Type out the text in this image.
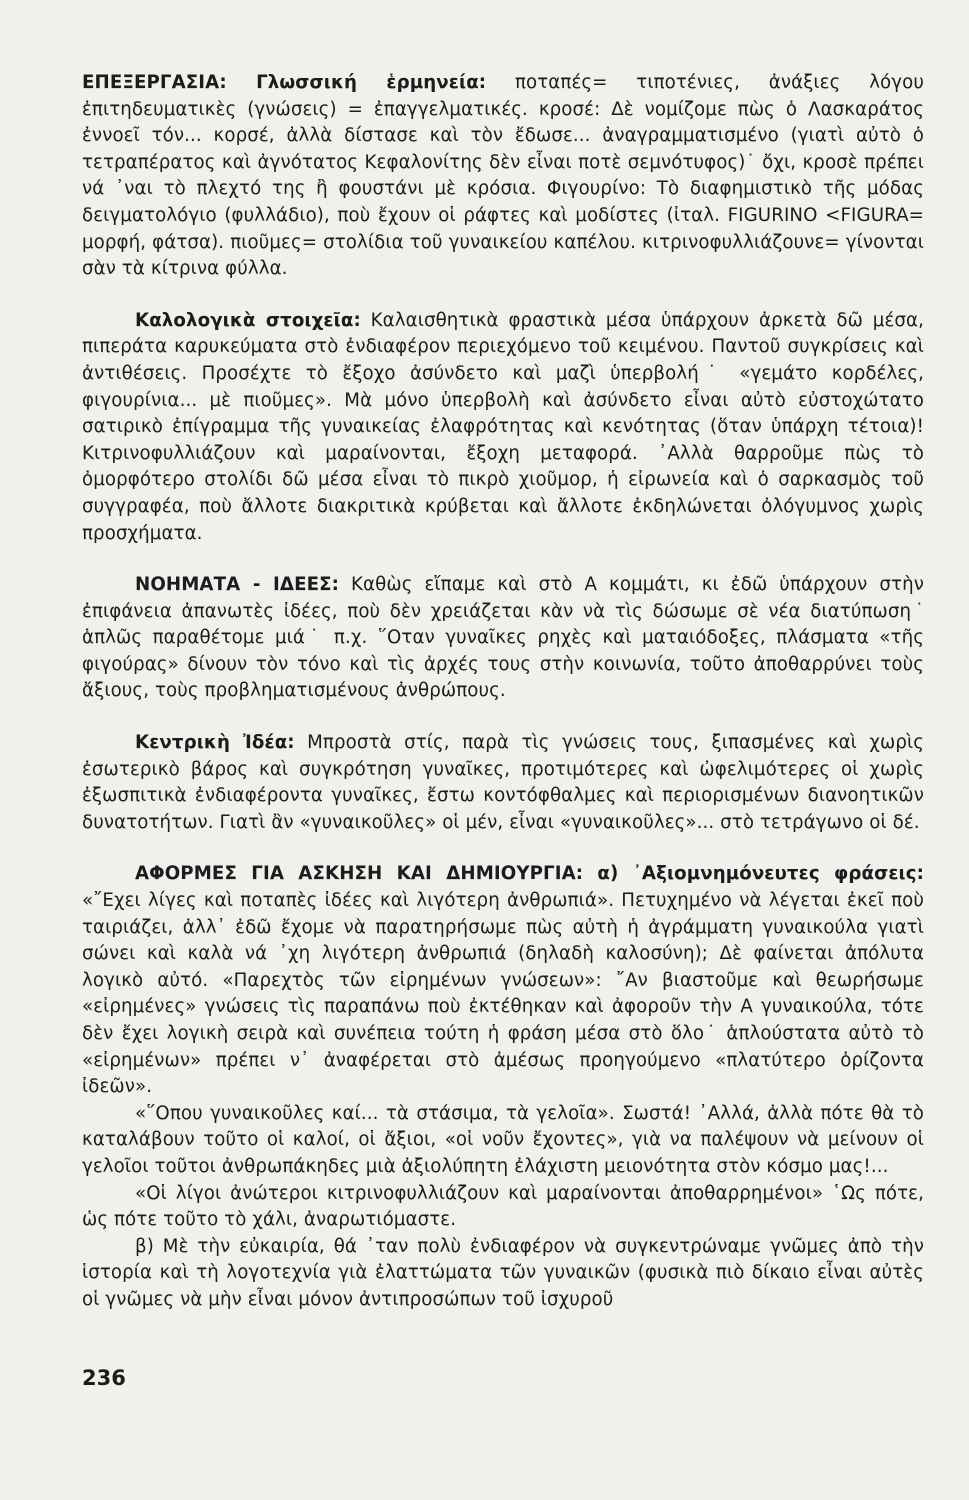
ΕΠΕΞΕΡΓΑΣΙΑ: Γλωσσική ἑρμηνεία: ποταπές= τιποτένιες, ἀνάξιες λόγου ἐπιτηδευματικὲς (γνώσεις) = ἐπαγγελματικές. κροσέ: Δὲ νομίζομε πὼς ὁ Λασκαράτος ἐννοεῖ τόν... κορσέ, ἀλλὰ δίστασε καὶ τὸν ἔδωσε... ἀναγραμματισμένο (γιατὶ αὐτὸ ὁ τετραπέρατος καὶ ἀγνότατος Κεφαλονίτης δὲν εἶναι ποτὲ σεμνότυφος)˙ ὄχι, κροσὲ πρέπει νά ᾿ναι τὸ πλεχτό της ἢ φουστάνι μὲ κρόσια. Φιγουρίνο: Τὸ διαφημιστικὸ τῆς μόδας δειγματολόγιο (φυλλάδιο), ποὺ ἔχουν οἱ ράφτες καὶ μοδίστες (ἰταλ. FIGURINO <FIGURA= μορφή, φάτσα). πιοῦμες= στολίδια τοῦ γυναικείου καπέλου. κιτρινοφυλλιάζουνε= γίνονται σὰν τὰ κίτρινα φύλλα.

Καλολογικὰ στοιχεῖα: Καλαισθητικὰ φραστικὰ μέσα ὑπάρχουν ἀρκετὰ δῶ μέσα, πιπεράτα καρυκεύματα στὸ ἐνδιαφέρον περιεχόμενο τοῦ κειμένου. Παντοῦ συγκρίσεις καὶ ἀντιθέσεις. Προσέχτε τὸ ἔξοχο ἀσύνδετο καὶ μαζὶ ὑπερβολή˙ «γεμάτο κορδέλες, φιγουρίνια... μὲ πιοῦμες». Μὰ μόνο ὑπερβολὴ καὶ ἀσύνδετο εἶναι αὐτὸ εὐστοχώτατο σατιρικὸ ἐπίγραμμα τῆς γυναικείας ἐλαφρότητας καὶ κενότητας (ὅταν ὑπάρχη τέτοια)! Κιτρινοφυλλιάζουν καὶ μαραίνονται, ἔξοχη μεταφορά. ᾿Αλλὰ θαρροῦμε πὼς τὸ ὀμορφότερο στολίδι δῶ μέσα εἶναι τὸ πικρὸ χιοῦμορ, ἡ εἰρωνεία καὶ ὁ σαρκασμὸς τοῦ συγγραφέα, ποὺ ἄλλοτε διακριτικὰ κρύβεται καὶ ἄλλοτε ἐκδηλώνεται ὀλόγυμνος χωρὶς προσχήματα.

ΝΟΗΜΑΤΑ - ΙΔΕΕΣ: Καθὼς εἴπαμε καὶ στὸ Α κομμάτι, κι ἐδῶ ὑπάρχουν στὴν ἐπιφάνεια ἀπανωτὲς ἰδέες, ποὺ δὲν χρειάζεται κὰν νὰ τὶς δώσωμε σὲ νέα διατύπωση˙ ἁπλῶς παραθέτομε μιά˙ π.χ. ῞Οταν γυναῖκες ρηχὲς καὶ ματαιόδοξες, πλάσματα «τῆς φιγούρας» δίνουν τὸν τόνο καὶ τὶς ἀρχές τους στὴν κοινωνία, τοῦτο ἀποθαρρύνει τοὺς ἄξιους, τοὺς προβληματισμένους ἀνθρώπους.

Κεντρικὴ Ἰδέα: Μπροστὰ στίς, παρὰ τὶς γνώσεις τους, ξιπασμένες καὶ χωρὶς ἐσωτερικὸ βάρος καὶ συγκρότηση γυναῖκες, προτιμότερες καὶ ὠφελιμότερες οἱ χωρὶς ἐξωσπιτικὰ ἐνδιαφέροντα γυναῖκες, ἔστω κοντόφθαλμες καὶ περιορισμένων διανοητικῶν δυνατοτήτων. Γιατὶ ἂν «γυναικοῦλες» οἱ μέν, εἶναι «γυναικοῦλες»... στὸ τετράγωνο οἱ δέ.

ΑΦΟΡΜΕΣ ΓΙΑ ΑΣΚΗΣΗ ΚΑΙ ΔΗΜΙΟΥΡΓΙΑ: α) ᾿Αξιομνημόνευτες φράσεις: «῎Εχει λίγες καὶ ποταπὲς ἰδέες καὶ λιγότερη ἀνθρωπιά». Πετυχημένο νὰ λέγεται ἐκεῖ ποὺ ταιριάζει, ἀλλ᾿ ἐδῶ ἔχομε νὰ παρατηρήσωμε πὼς αὐτὴ ἡ ἀγράμματη γυναικούλα γιατὶ σώνει καὶ καλὰ νά ᾿χη λιγότερη ἀνθρωπιά (δηλαδὴ καλοσύνη); Δὲ φαίνεται ἀπόλυτα λογικὸ αὐτό. «Παρεχτὸς τῶν εἰρημένων γνώσεων»: ῎Αν βιαστοῦμε καὶ θεωρήσωμε «εἰρημένες» γνώσεις τὶς παραπάνω ποὺ ἐκτέθηκαν καὶ ἀφοροῦν τὴν Α γυναικούλα, τότε δὲν ἔχει λογικὴ σειρὰ καὶ συνέπεια τούτη ἡ φράση μέσα στὸ ὅλο˙ ἁπλούστατα αὐτὸ τὸ «εἰρημένων» πρέπει ν᾿ ἀναφέρεται στὸ ἀμέσως προηγούμενο «πλατύτερο ὁρίζοντα ἰδεῶν».

«῞Οπου γυναικοῦλες καί... τὰ στάσιμα, τὰ γελοῖα». Σωστά! ᾿Αλλά, ἀλλὰ πότε θὰ τὸ καταλάβουν τοῦτο οἱ καλοί, οἱ ἄξιοι, «οἱ νοῦν ἔχοντες», γιὰ να παλέψουν νὰ μείνουν οἱ γελοῖοι τοῦτοι ἀνθρωπάκηδες μιὰ ἀξιολύπητη ἐλάχιστη μειονότητα στὸν κόσμο μας!...

«Οἱ λίγοι ἀνώτεροι κιτρινοφυλλιάζουν καὶ μαραίνονται ἀποθαρρημένοι» ῾Ως πότε, ὡς πότε τοῦτο τὸ χάλι, ἀναρωτιόμαστε.

β) Μὲ τὴν εὐκαιρία, θά ᾿ταν πολὺ ἐνδιαφέρον νὰ συγκεντρώναμε γνῶμες ἀπὸ τὴν ἱστορία καὶ τὴ λογοτεχνία γιὰ ἐλαττώματα τῶν γυναικῶν (φυσικὰ πιὸ δίκαιο εἶναι αὐτὲς οἱ γνῶμες νὰ μὴν εἶναι μόνον ἀντιπροσώπων τοῦ ἰσχυροῦ

236
